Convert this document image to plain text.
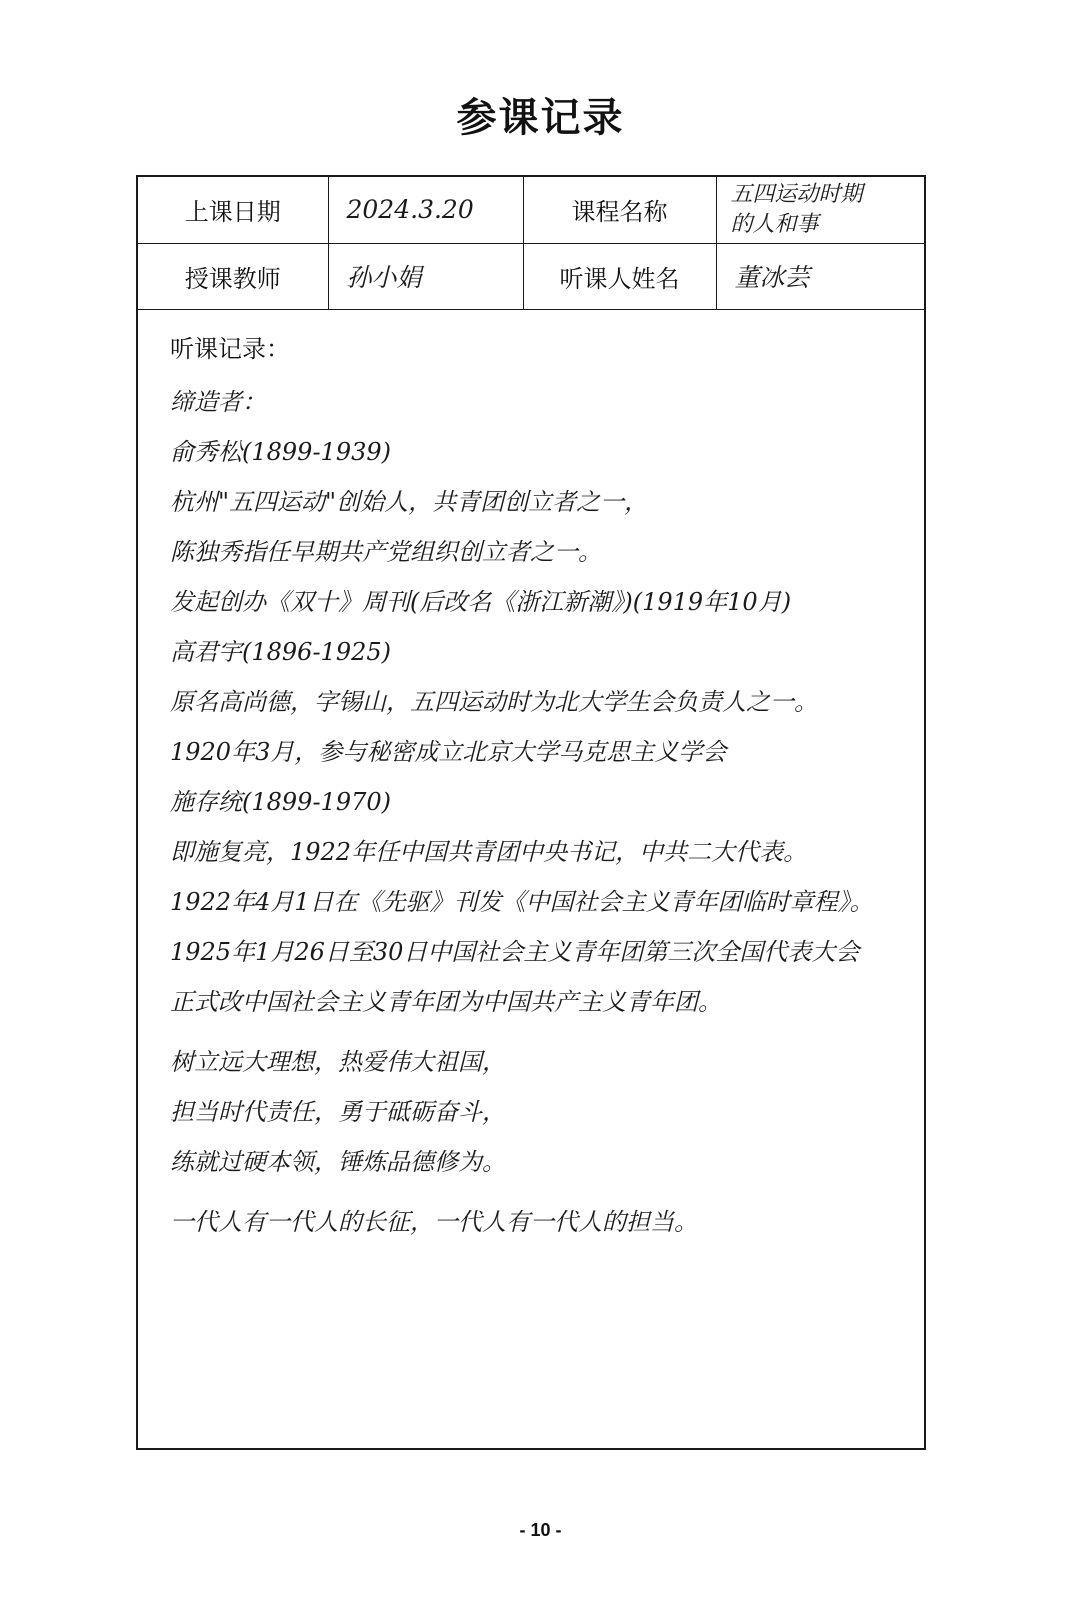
参课记录
上课日期	2024.3.20	课程名称	五四运动时期
的人和事

授课教师	孙小娟	听课人姓名	董冰芸
听课记录：
缔造者：
俞秀松(1899-1939)
杭州"五四运动"创始人，共青团创立者之一，
陈独秀指任早期共产党组织创立者之一。
发起创办《双十》周刊(后改名《浙江新潮》)(1919年10月)
高君宇(1896-1925)
原名高尚德，字锡山，五四运动时为北大学生会负责人之一。
1920年3月，参与秘密成立北京大学马克思主义学会
施存统(1899-1970)
即施复亮，1922年任中国共青团中央书记，中共二大代表。
1922年4月1日在《先驱》刊发《中国社会主义青年团临时章程》。
1925年1月26日至30日中国社会主义青年团第三次全国代表大会
正式改中国社会主义青年团为中国共产主义青年团。
树立远大理想，热爱伟大祖国，
担当时代责任，勇于砥砺奋斗，
练就过硬本领，锤炼品德修为。
一代人有一代人的长征，一代人有一代人的担当。
- 10 -
